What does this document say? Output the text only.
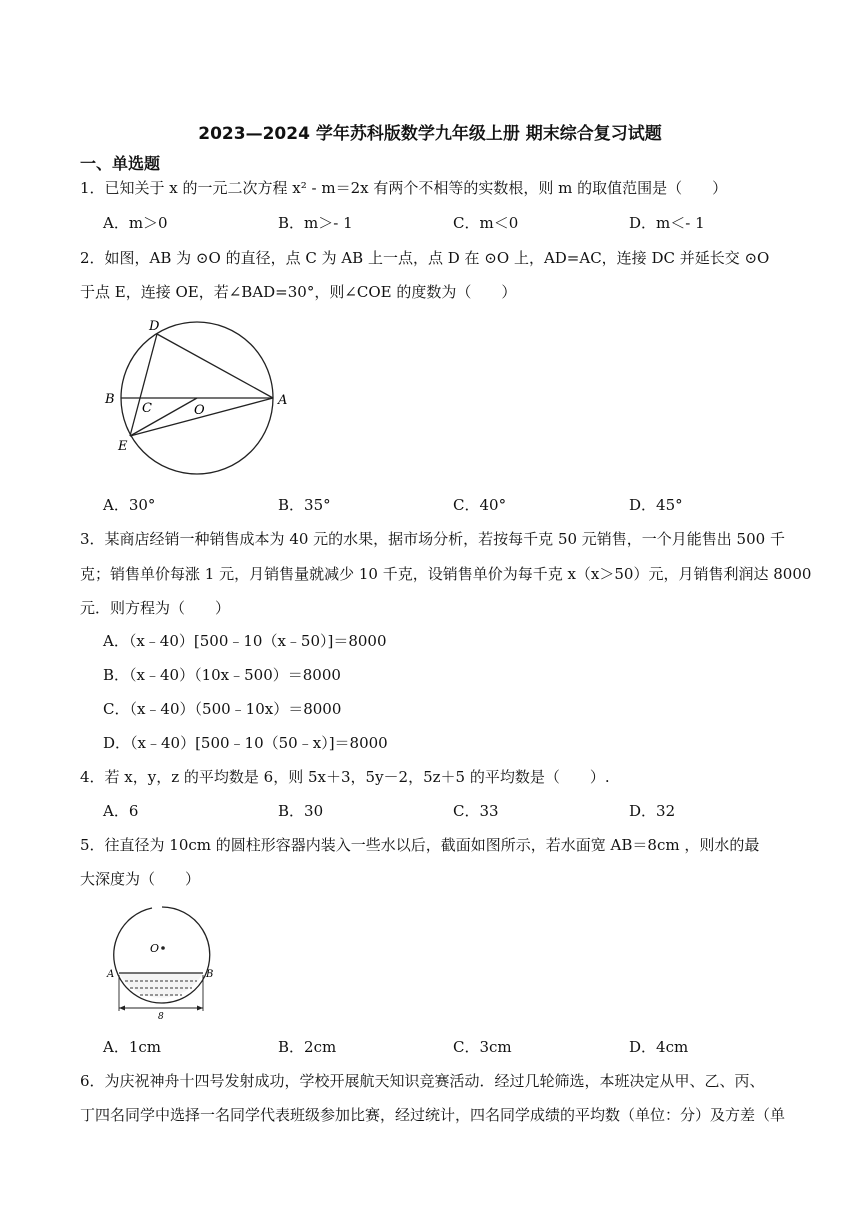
2023—2024 学年苏科版数学九年级上册 期末综合复习试题
一、单选题
1．已知关于 x 的一元二次方程 x² ‐ m＝2x 有两个不相等的实数根，则 m 的取值范围是（　　）
A．m＞0	B．m＞‐ 1	C．m＜0	D．m＜‐ 1
2．如图，AB 为 ⊙O 的直径，点 C 为 AB 上一点，点 D 在 ⊙O 上，AD=AC，连接 DC 并延长交 ⊙O
于点 E，连接 OE，若∠BAD=30°，则∠COE 的度数为（　　）
D
B
C	O
A
E
A．30°	B．35°	C．40°	D．45°
3．某商店经销一种销售成本为 40 元的水果，据市场分析，若按每千克 50 元销售，一个月能售出 500 千
克；销售单价每涨 1 元，月销售量就减少 10 千克，设销售单价为每千克 x（x＞50）元，月销售利润达 8000
元．则方程为（　　）
A．（x﹣40）[500﹣10（x﹣50）]＝8000
B．（x﹣40）（10x﹣500）＝8000
C．（x﹣40）（500﹣10x）＝8000
D．（x﹣40）[500﹣10（50﹣x）]＝8000
4．若 x，y，z 的平均数是 6，则 5x＋3，5y－2，5z＋5 的平均数是（　　）.
A．6	B．30	C．33	D．32
5．往直径为 10cm 的圆柱形容器内装入一些水以后，截面如图所示，若水面宽 AB＝8cm ，则水的最
大深度为（　　）
O
A	B
8
A．1cm	B．2cm	C．3cm	D．4cm
6．为庆祝神舟十四号发射成功，学校开展航天知识竞赛活动．经过几轮筛选，本班决定从甲、乙、丙、
丁四名同学中选择一名同学代表班级参加比赛，经过统计，四名同学成绩的平均数（单位：分）及方差（单
